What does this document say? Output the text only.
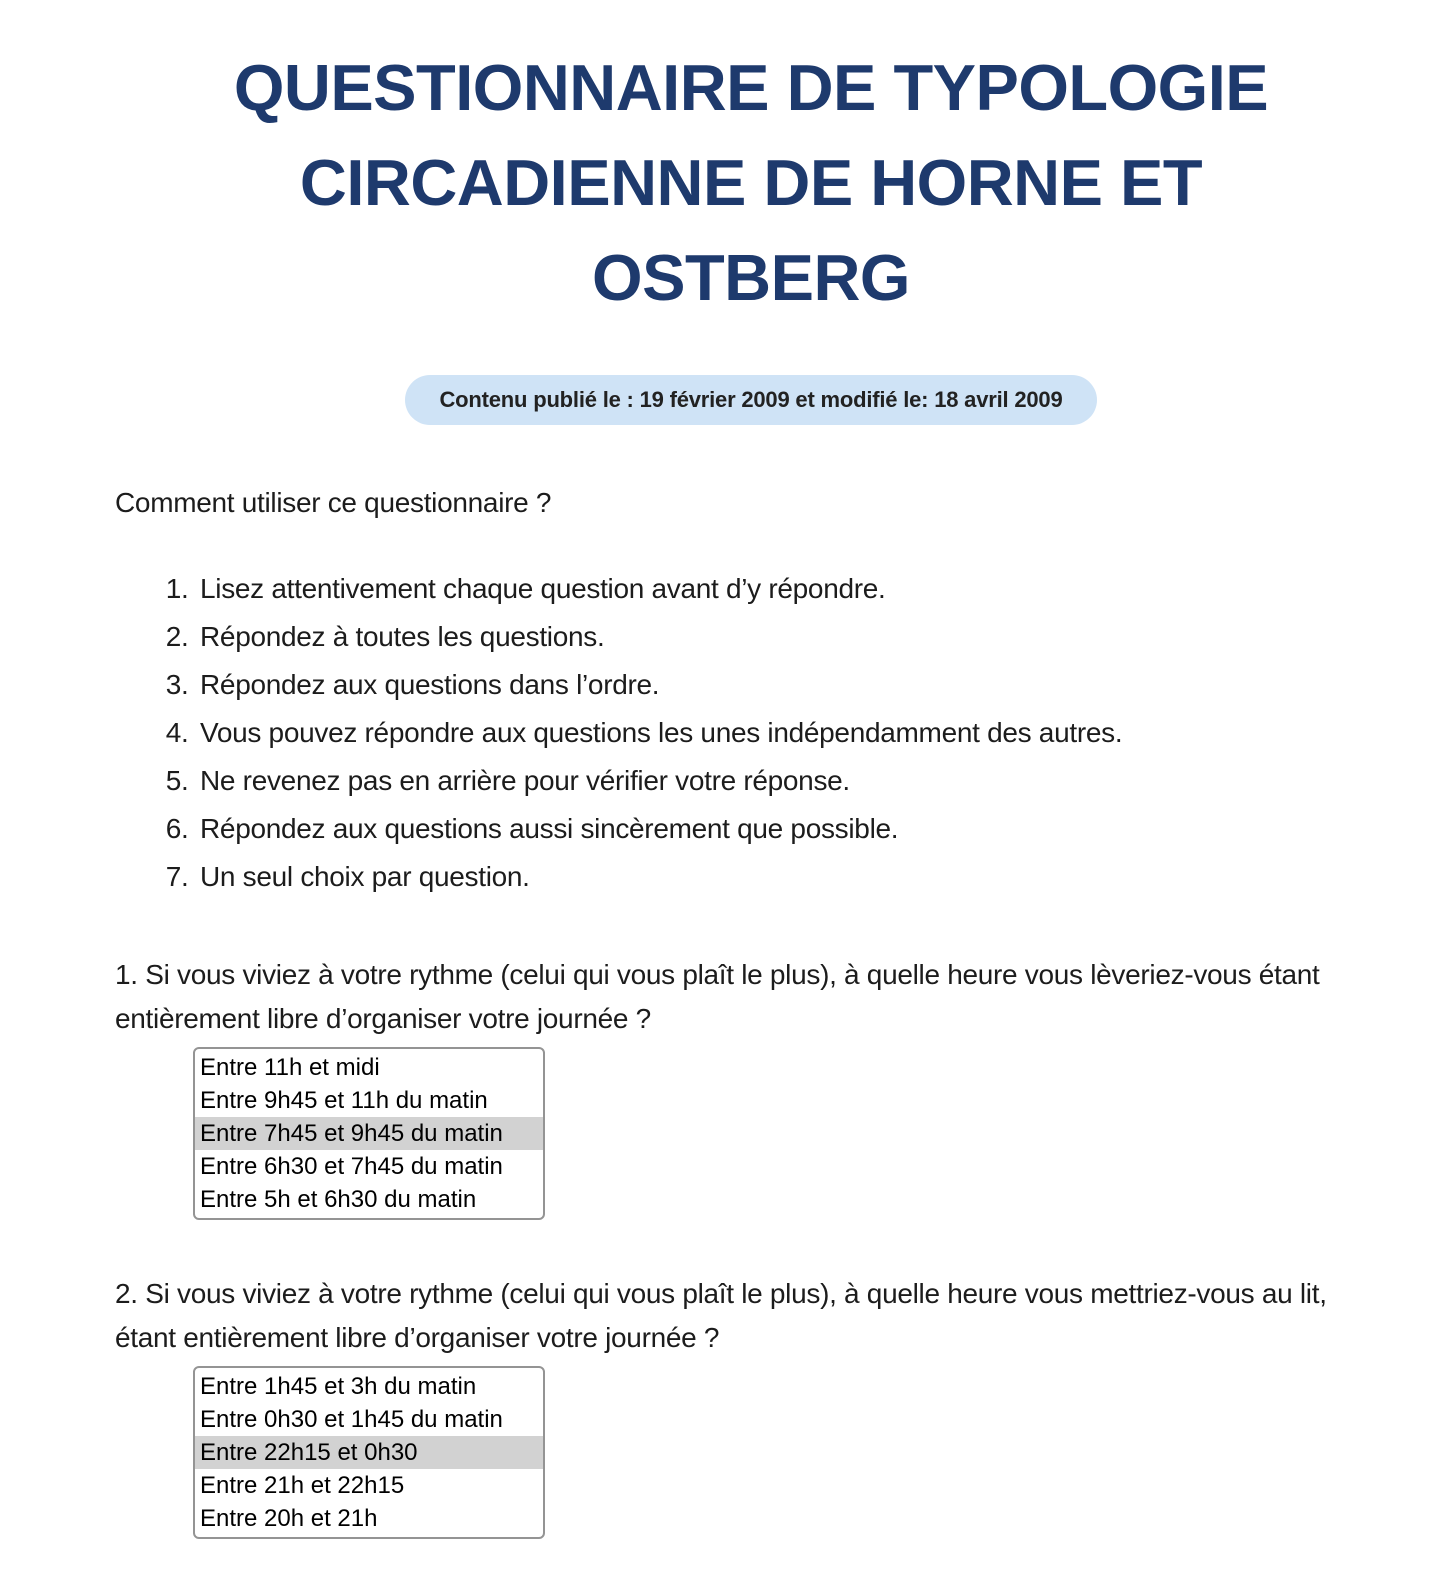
QUESTIONNAIRE DE TYPOLOGIE
CIRCADIENNE DE HORNE ET
OSTBERG
Contenu publié le : 19 février 2009 et modifié le: 18 avril 2009

Comment utiliser ce questionnaire ?

1. Lisez attentivement chaque question avant d’y répondre.
2. Répondez à toutes les questions.
3. Répondez aux questions dans l’ordre.
4. Vous pouvez répondre aux questions les unes indépendamment des autres.
5. Ne revenez pas en arrière pour vérifier votre réponse.
6. Répondez aux questions aussi sincèrement que possible.
7. Un seul choix par question.

1. Si vous viviez à votre rythme (celui qui vous plaît le plus), à quelle heure vous lèveriez-vous étant entièrement libre d’organiser votre journée ?

Entre 11h et midi
Entre 9h45 et 11h du matin
Entre 7h45 et 9h45 du matin
Entre 6h30 et 7h45 du matin
Entre 5h et 6h30 du matin

2. Si vous viviez à votre rythme (celui qui vous plaît le plus), à quelle heure vous mettriez-vous au lit, étant entièrement libre d’organiser votre journée ?

Entre 1h45 et 3h du matin
Entre 0h30 et 1h45 du matin
Entre 22h15 et 0h30
Entre 21h et 22h15
Entre 20h et 21h
